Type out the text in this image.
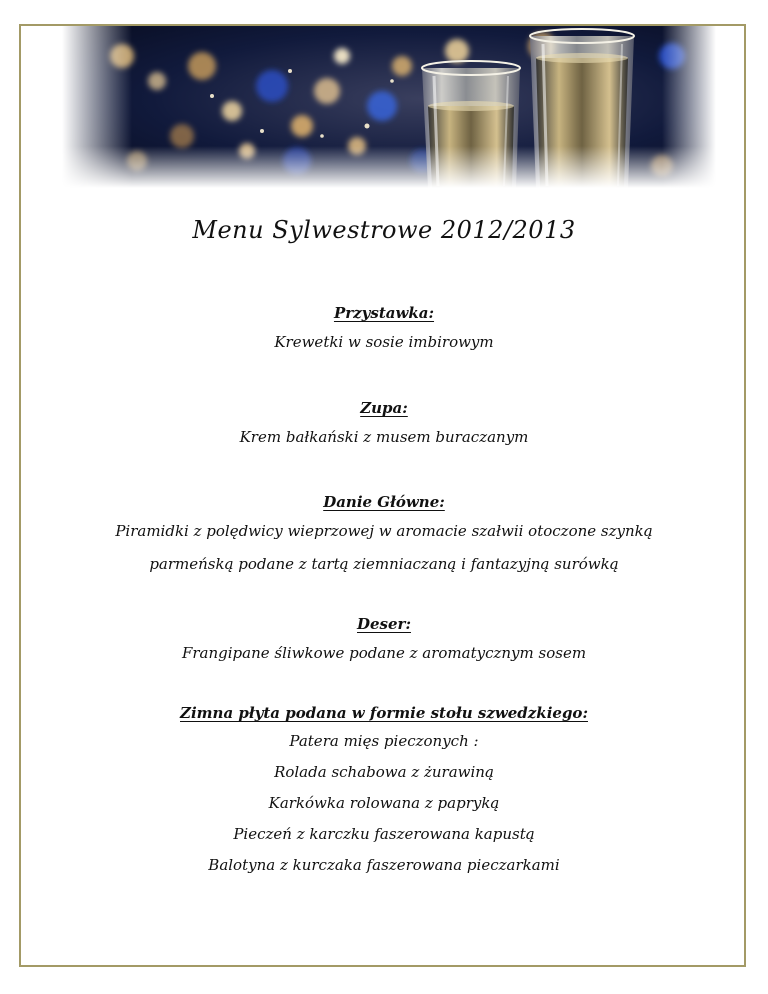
Menu Sylwestrowe 2012/2013
Przystawka:
Krewetki w sosie imbirowym
Zupa:
Krem bałkański z musem buraczanym
Danie Główne:
Piramidki z polędwicy wieprzowej w aromacie szałwii otoczone szynką
parmeńską podane z tartą ziemniaczaną i fantazyjną surówką
Deser:
Frangipane śliwkowe podane z aromatycznym sosem
Zimna płyta podana w formie stołu szwedzkiego:
Patera mięs pieczonych :
Rolada schabowa z żurawiną
Karkówka rolowana z papryką
Pieczeń z karczku faszerowana kapustą
Balotyna z kurczaka faszerowana pieczarkami
